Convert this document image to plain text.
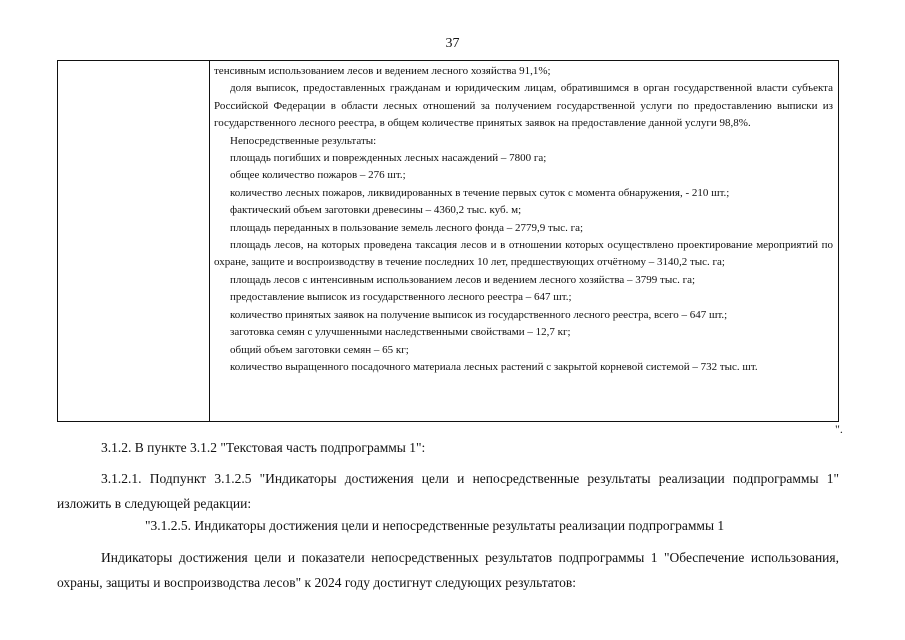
37
тенсивным использованием лесов и ведением лесного хозяйства 91,1%;
доля выписок, предоставленных гражданам и юридическим лицам, обратившимся в орган государственной власти субъекта Российской Федерации в области лесных отношений за получением государственной услуги по предоставлению выписки из государственного лесного реестра, в общем количестве принятых заявок на предоставление данной услуги 98,8%.
Непосредственные результаты:
площадь погибших и поврежденных лесных насаждений – 7800 га;
общее количество пожаров – 276 шт.;
количество лесных пожаров, ликвидированных в течение первых суток с момента обнаружения, - 210 шт.;
фактический объем заготовки древесины – 4360,2 тыс. куб. м;
площадь переданных в пользование земель лесного фонда – 2779,9 тыс. га;
площадь лесов, на которых проведена таксация лесов и в отношении которых осуществлено проектирование мероприятий по охране, защите и воспроизводству в течение последних 10 лет, предшествующих отчётному – 3140,2 тыс. га;
площадь лесов с интенсивным использованием лесов и ведением лесного хозяйства – 3799 тыс. га;
предоставление выписок из государственного лесного реестра – 647 шт.;
количество принятых заявок на получение выписок из государственного лесного реестра, всего – 647 шт.;
заготовка семян с улучшенными наследственными свойствами – 12,7 кг;
общий объем заготовки семян – 65 кг;
количество выращенного посадочного материала лесных растений с закрытой корневой системой – 732 тыс. шт.
".
3.1.2. В пункте 3.1.2 "Текстовая часть подпрограммы 1":
3.1.2.1. Подпункт 3.1.2.5 "Индикаторы достижения цели и непосредственные результаты реализации подпрограммы 1" изложить в следующей редакции:
"3.1.2.5. Индикаторы достижения цели и непосредственные результаты реализации подпрограммы 1
Индикаторы достижения цели и показатели непосредственных результатов подпрограммы 1 "Обеспечение использования, охраны, защиты и воспроизводства лесов" к 2024 году достигнут следующих результатов:
